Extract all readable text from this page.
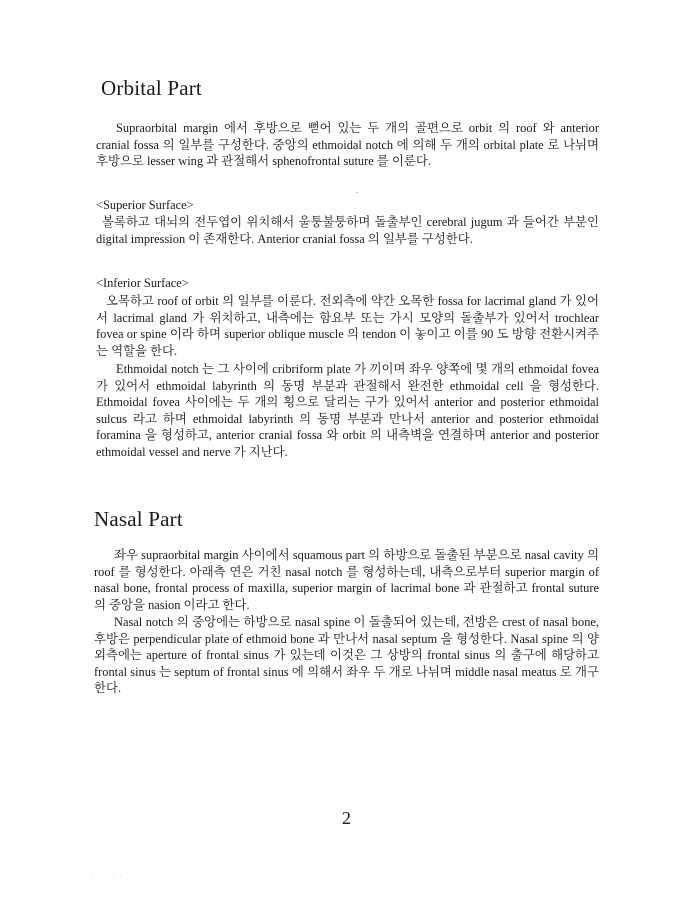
Orbital Part

Supraorbital margin 에서 후방으로 뻗어 있는 두 개의 골편으로 orbit 의 roof 와 anterior cranial fossa 의 일부를 구성한다. 중앙의 ethmoidal notch 에 의해 두 개의 orbital plate 로 나뉘며 후방으로 lesser wing 과 관절해서 sphenofrontal suture 를 이룬다.

·

<Superior Surface>

볼록하고 대뇌의 전두엽이 위치해서 울퉁불퉁하며 돌출부인 cerebral jugum 과 들어간 부분인 digital impression 이 존재한다. Anterior cranial fossa 의 일부를 구성한다.

<Inferior Surface>

오목하고 roof of orbit 의 일부를 이룬다. 전외측에 약간 오목한 fossa for lacrimal gland 가 있어서 lacrimal gland 가 위치하고, 내측에는 함요부 또는 가시 모양의 돌출부가 있어서 trochlear fovea or spine 이라 하며 superior oblique muscle 의 tendon 이 놓이고 이를 90 도 방향 전환시켜주는 역할을 한다.

Ethmoidal notch 는 그 사이에 cribriform plate 가 끼이며 좌우 양쪽에 몇 개의 ethmoidal fovea 가 있어서 ethmoidal labyrinth 의 동명 부분과 관절해서 완전한 ethmoidal cell 을 형성한다. Ethmoidal fovea 사이에는 두 개의 횡으로 달리는 구가 있어서 anterior and posterior ethmoidal sulcus 라고 하며 ethmoidal labyrinth 의 동명 부분과 만나서 anterior and posterior ethmoidal foramina 을 형성하고, anterior cranial fossa 와 orbit 의 내측벽을 연결하며 anterior and posterior ethmoidal vessel and nerve 가 지난다.

Nasal Part

좌우 supraorbital margin 사이에서 squamous part 의 하방으로 돌출된 부분으로 nasal cavity 의 roof 를 형성한다. 아래측 연은 거친 nasal notch 를 형성하는데, 내측으로부터 superior margin of nasal bone, frontal process of maxilla, superior margin of lacrimal bone 과 관절하고 frontal suture 의 중앙을 nasion 이라고 한다.

Nasal notch 의 중앙에는 하방으로 nasal spine 이 돌출되어 있는데, 전방은 crest of nasal bone, 후방은 perpendicular plate of ethmoid bone 과 만나서 nasal septum 을 형성한다. Nasal spine 의 양외측에는 aperture of frontal sinus 가 있는데 이것은 그 상방의 frontal sinus 의 출구에 해당하고 frontal sinus 는 septum of frontal sinus 에 의해서 좌우 두 개로 나뉘며 middle nasal meatus 로 개구한다.

2
· · · · ·
